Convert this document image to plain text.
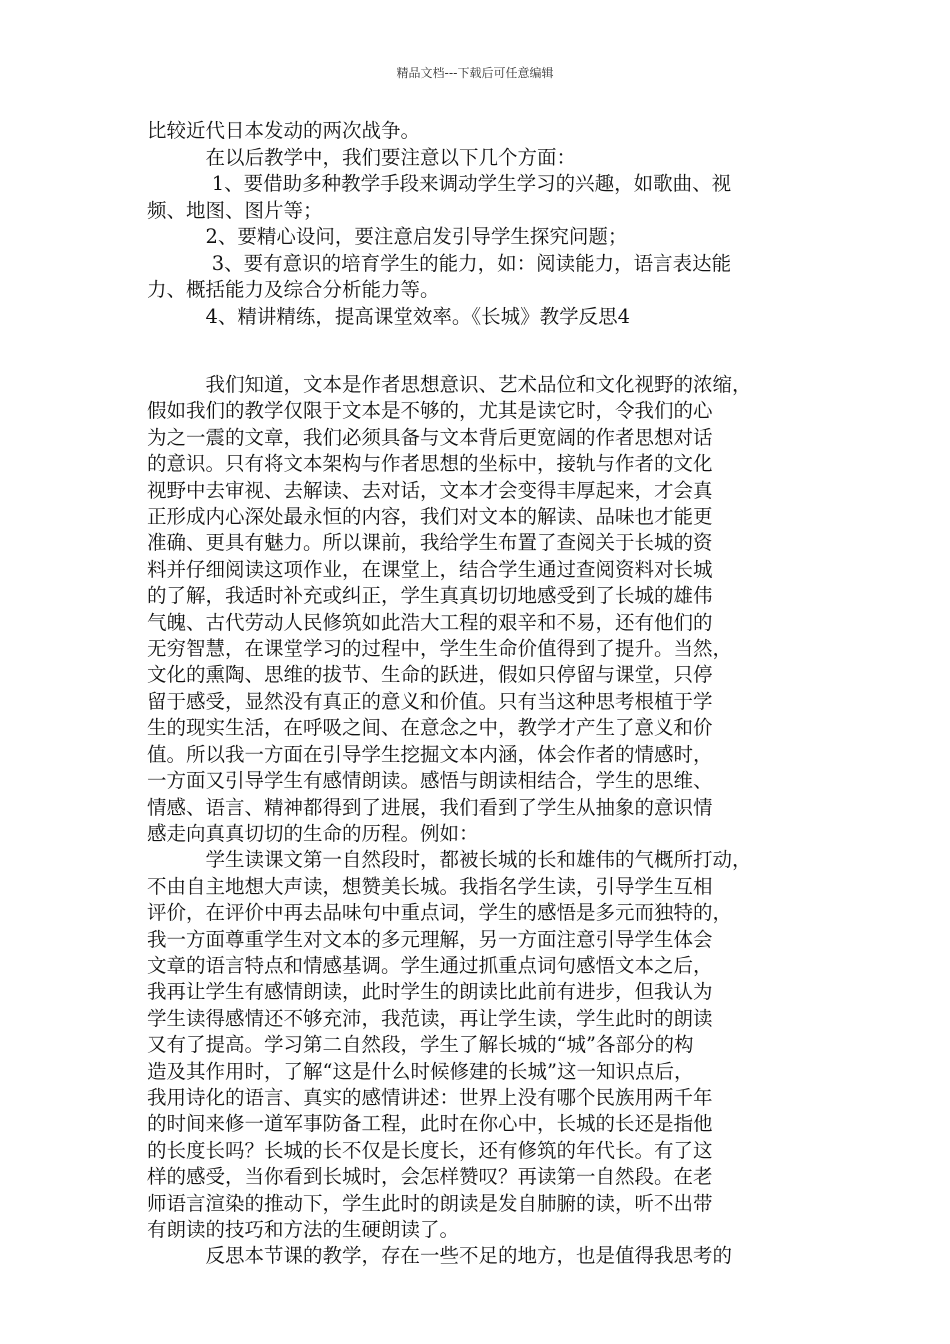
精品文档---下载后可任意编辑

比较近代日本发动的两次战争。

　　　在以后教学中，我们要注意以下几个方面：

　　　 1、要借助多种教学手段来调动学生学习的兴趣，如歌曲、视

频、地图、图片等；

　　　2、要精心设问，要注意启发引导学生探究问题；

　　　 3、要有意识的培育学生的能力，如：阅读能力，语言表达能

力、概括能力及综合分析能力等。

　　　4、精讲精练，提高课堂效率。《长城》教学反思4

　　　我们知道，文本是作者思想意识、艺术品位和文化视野的浓缩，

假如我们的教学仅限于文本是不够的，尤其是读它时，令我们的心

为之一震的文章，我们必须具备与文本背后更宽阔的作者思想对话

的意识。只有将文本架构与作者思想的坐标中，接轨与作者的文化

视野中去审视、去解读、去对话，文本才会变得丰厚起来，才会真

正形成内心深处最永恒的内容，我们对文本的解读、品味也才能更

准确、更具有魅力。所以课前，我给学生布置了查阅关于长城的资

料并仔细阅读这项作业，在课堂上，结合学生通过查阅资料对长城

的了解，我适时补充或纠正，学生真真切切地感受到了长城的雄伟

气魄、古代劳动人民修筑如此浩大工程的艰辛和不易，还有他们的

无穷智慧，在课堂学习的过程中，学生生命价值得到了提升。当然，

文化的熏陶、思维的拔节、生命的跃进，假如只停留与课堂，只停

留于感受，显然没有真正的意义和价值。只有当这种思考根植于学

生的现实生活，在呼吸之间、在意念之中，教学才产生了意义和价

值。所以我一方面在引导学生挖掘文本内涵，体会作者的情感时，

一方面又引导学生有感情朗读。感悟与朗读相结合，学生的思维、

情感、语言、精神都得到了进展，我们看到了学生从抽象的意识情

感走向真真切切的生命的历程。例如：

　　　学生读课文第一自然段时，都被长城的长和雄伟的气概所打动，

不由自主地想大声读，想赞美长城。我指名学生读，引导学生互相

评价，在评价中再去品味句中重点词，学生的感悟是多元而独特的，

我一方面尊重学生对文本的多元理解，另一方面注意引导学生体会

文章的语言特点和情感基调。学生通过抓重点词句感悟文本之后，

我再让学生有感情朗读，此时学生的朗读比此前有进步，但我认为

学生读得感情还不够充沛，我范读，再让学生读，学生此时的朗读

又有了提高。学习第二自然段，学生了解长城的“城”各部分的构

造及其作用时，了解“这是什么时候修建的长城”这一知识点后，

我用诗化的语言、真实的感情讲述：世界上没有哪个民族用两千年

的时间来修一道军事防备工程，此时在你心中，长城的长还是指他

的长度长吗？长城的长不仅是长度长，还有修筑的年代长。有了这

样的感受，当你看到长城时，会怎样赞叹？再读第一自然段。在老

师语言渲染的推动下，学生此时的朗读是发自肺腑的读，听不出带

有朗读的技巧和方法的生硬朗读了。

　　　反思本节课的教学，存在一些不足的地方，也是值得我思考的
